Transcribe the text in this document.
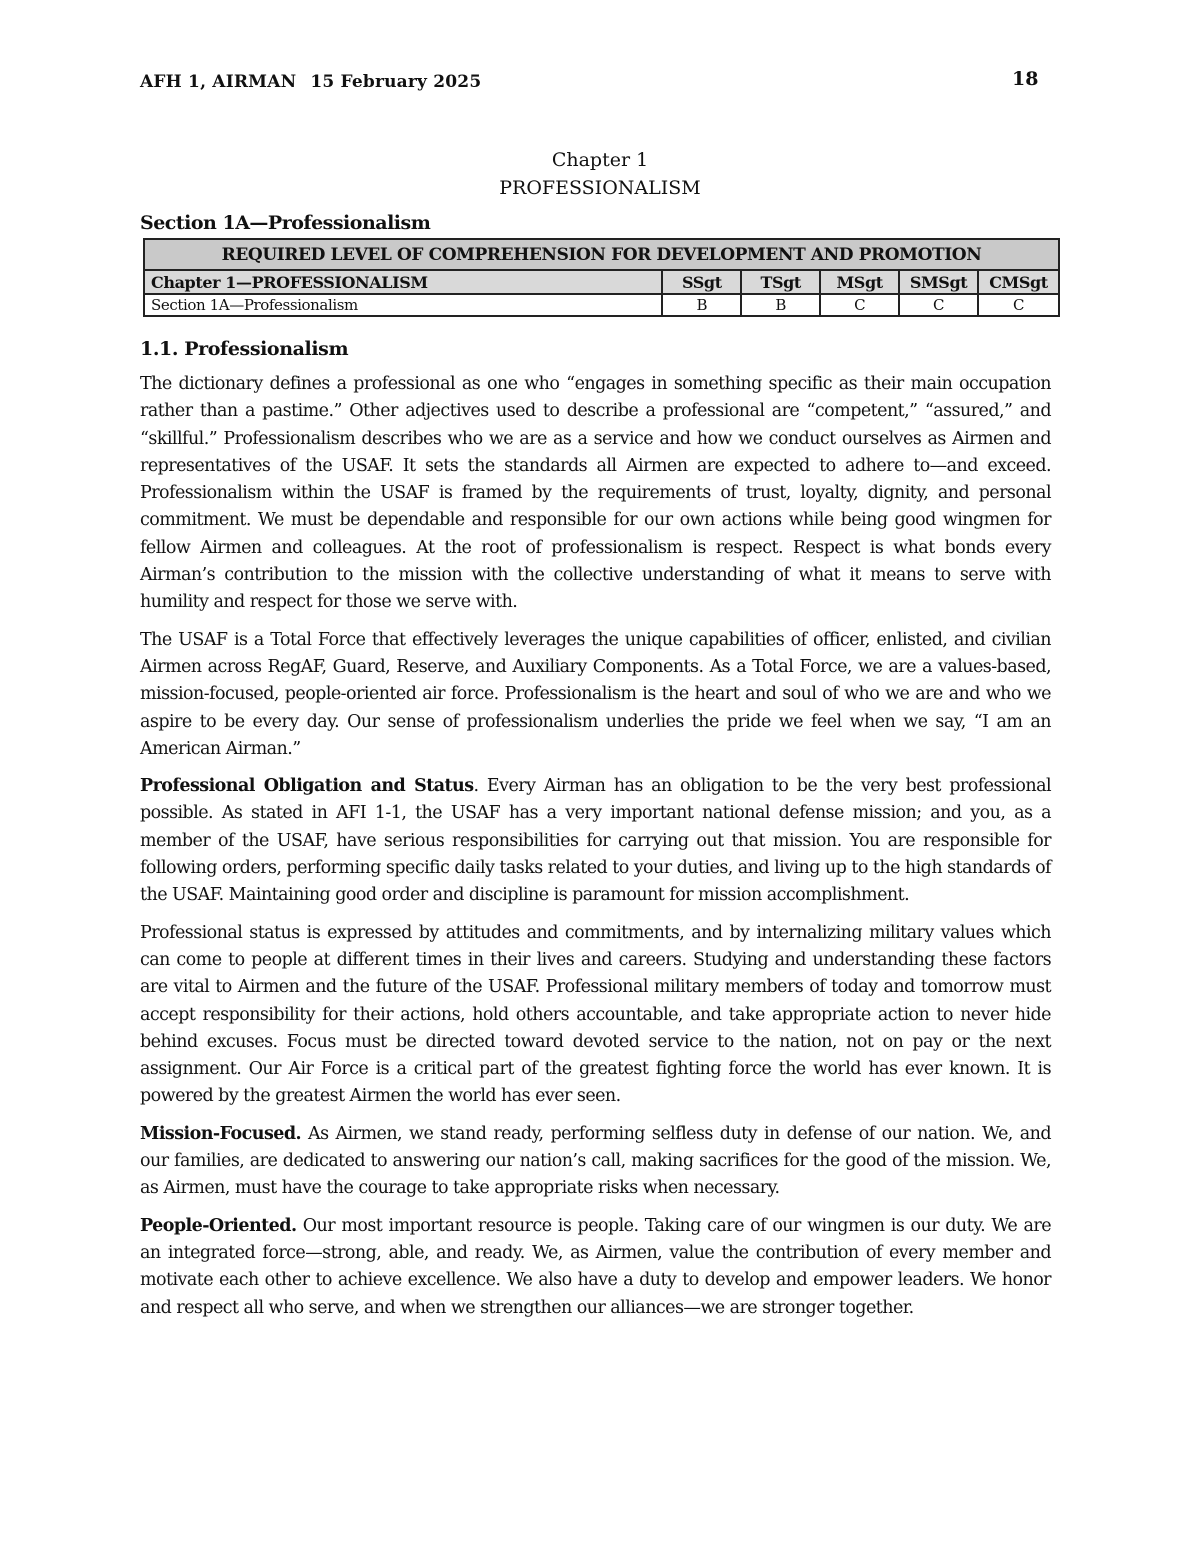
AFH 1, AIRMAN 15 February 2025	18
Chapter 1
PROFESSIONALISM
Section 1A—Professionalism
REQUIRED LEVEL OF COMPREHENSION FOR DEVELOPMENT AND PROMOTION					
Chapter 1—PROFESSIONALISM	SSgt	TSgt	MSgt	SMSgt	CMSgt
Section 1A—Professionalism	B	B	C	C	C
1.1. Professionalism

The dictionary defines a professional as one who “engages in something specific as their main occupation rather than a pastime.” Other adjectives used to describe a professional are “competent,” “assured,” and “skillful.” Professionalism describes who we are as a service and how we conduct ourselves as Airmen and representatives of the USAF. It sets the standards all Airmen are expected to adhere to—and exceed. Professionalism within the USAF is framed by the requirements of trust, loyalty, dignity, and personal commitment. We must be dependable and responsible for our own actions while being good wingmen for fellow Airmen and colleagues. At the root of professionalism is respect. Respect is what bonds every Airman’s contribution to the mission with the collective understanding of what it means to serve with humility and respect for those we serve with.

The USAF is a Total Force that effectively leverages the unique capabilities of officer, enlisted, and civilian Airmen across RegAF, Guard, Reserve, and Auxiliary Components. As a Total Force, we are a values-based, mission-focused, people-oriented air force. Professionalism is the heart and soul of who we are and who we aspire to be every day. Our sense of professionalism underlies the pride we feel when we say, “I am an American Airman.”

Professional Obligation and Status. Every Airman has an obligation to be the very best professional possible. As stated in AFI 1-1, the USAF has a very important national defense mission; and you, as a member of the USAF, have serious responsibilities for carrying out that mission. You are responsible for following orders, performing specific daily tasks related to your duties, and living up to the high standards of the USAF. Maintaining good order and discipline is paramount for mission accomplishment.

Professional status is expressed by attitudes and commitments, and by internalizing military values which can come to people at different times in their lives and careers. Studying and understanding these factors are vital to Airmen and the future of the USAF. Professional military members of today and tomorrow must accept responsibility for their actions, hold others accountable, and take appropriate action to never hide behind excuses. Focus must be directed toward devoted service to the nation, not on pay or the next assignment. Our Air Force is a critical part of the greatest fighting force the world has ever known. It is powered by the greatest Airmen the world has ever seen.

Mission-Focused. As Airmen, we stand ready, performing selfless duty in defense of our nation. We, and our families, are dedicated to answering our nation’s call, making sacrifices for the good of the mission. We, as Airmen, must have the courage to take appropriate risks when necessary.

People-Oriented. Our most important resource is people. Taking care of our wingmen is our duty. We are an integrated force—strong, able, and ready. We, as Airmen, value the contribution of every member and motivate each other to achieve excellence. We also have a duty to develop and empower leaders. We honor and respect all who serve, and when we strengthen our alliances—we are stronger together.
